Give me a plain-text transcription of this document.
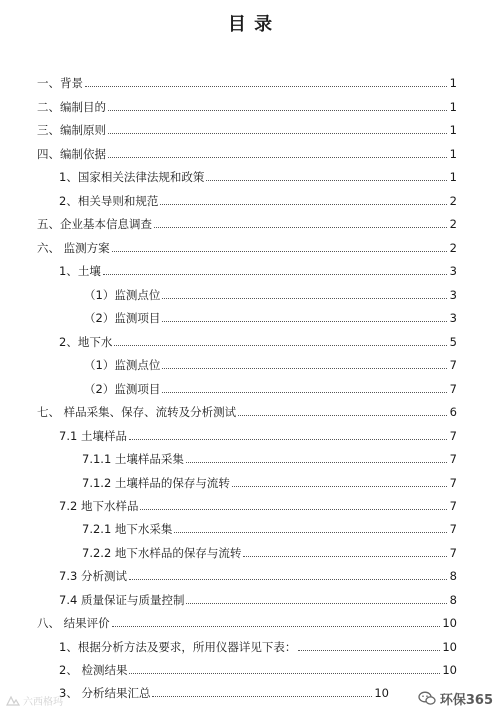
目 录
一、背景	1
二、编制目的	1
三、编制原则	1
四、编制依据	1
1、国家相关法律法规和政策	1
2、相关导则和规范	2
五、企业基本信息调查	2
六、 监测方案	2
1、土壤	3
（1）监测点位	3
（2）监测项目	3
2、地下水	5
（1）监测点位	7
（2）监测项目	7
七、 样品采集、保存、流转及分析测试	6
7.1 土壤样品	7
7.1.1 土壤样品采集	7
7.1.2 土壤样品的保存与流转	7
7.2 地下水样品	7
7.2.1 地下水采集	7
7.2.2 地下水样品的保存与流转	7
7.3 分析测试	8
7.4 质量保证与质量控制	8
八、 结果评价	10
1、根据分析方法及要求，所用仪器详见下表：	10
2、 检测结果	10
3、 分析结果汇总	10
六西格玛	环保365
